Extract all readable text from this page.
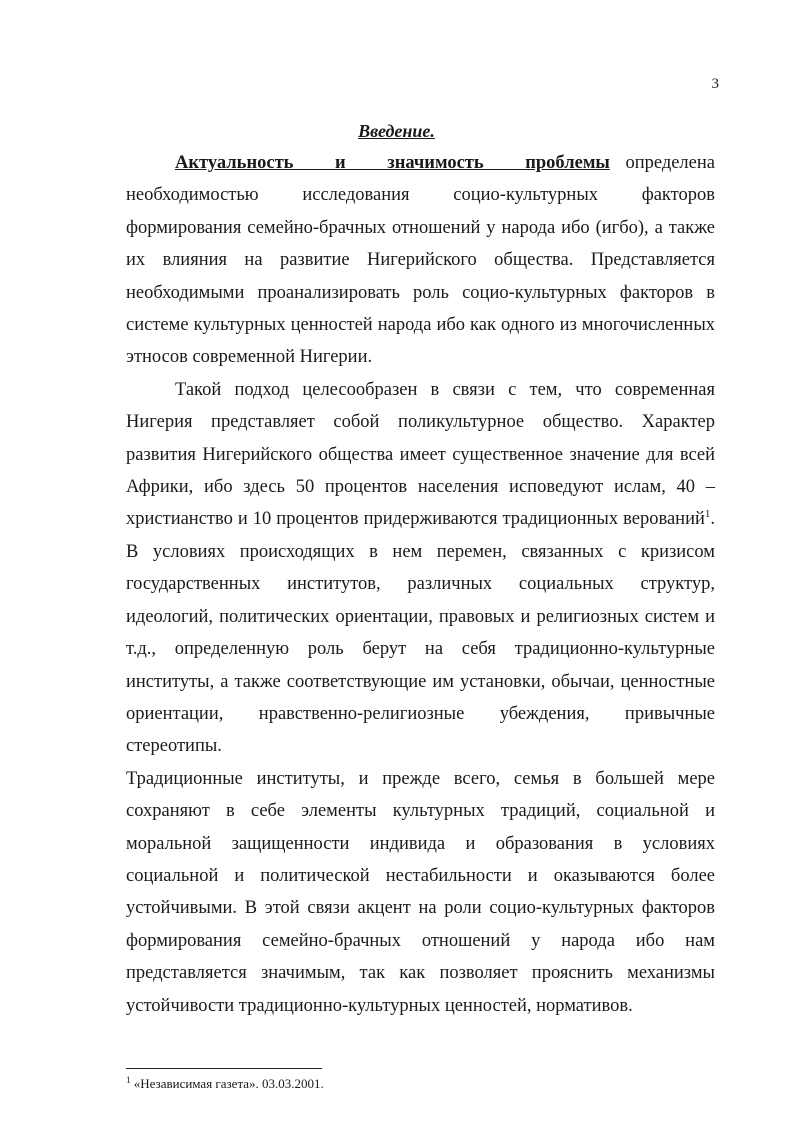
3
Введение.

Актуальность и значимость проблемы определена необходимостью исследования социо-культурных факторов формирования семейно-брачных отношений у народа ибо (игбо), а также их влияния на развитие Нигерийского общества. Представляется необходимыми проанализировать роль социо-культурных факторов в системе культурных ценностей народа ибо как одного из многочисленных этносов современной Нигерии.

Такой подход целесообразен в связи с тем, что современная Нигерия представляет собой поликультурное общество. Характер развития Нигерийского общества имеет существенное значение для всей Африки, ибо здесь 50 процентов населения исповедуют ислам, 40 – христианство и 10 процентов придерживаются традиционных верований$^1$. В условиях происходящих в нем перемен, связанных с кризисом государственных институтов, различных социальных структур, идеологий, политических ориентации, правовых и религиозных систем и т.д., определенную роль берут на себя традиционно-культурные институты, а также соответствующие им установки, обычаи, ценностные ориентации, нравственно-религиозные убеждения, привычные стереотипы.

Традиционные институты, и прежде всего, семья в большей мере сохраняют в себе элементы культурных традиций, социальной и моральной защищенности индивида и образования в условиях социальной и политической нестабильности и оказываются более устойчивыми. В этой связи акцент на роли социо-культурных факторов формирования семейно-брачных отношений у народа ибо нам представляется значимым, так как позволяет прояснить механизмы устойчивости традиционно-культурных ценностей, нормативов.

$^1$ «Независимая газета». 03.03.2001.
